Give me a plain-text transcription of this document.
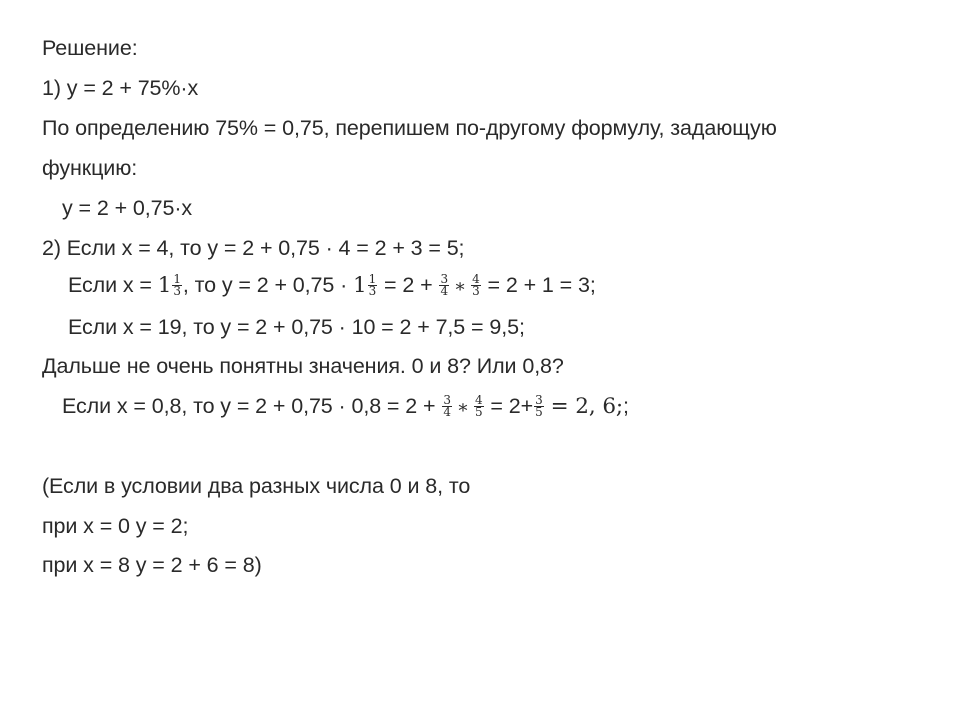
Решение:
1) y = 2 + 75%·x
По определению 75% = 0,75, перепишем по-другому формулу, задающую
функцию:
y = 2 + 0,75·x
2) Если x = 4, то y = 2 + 0,75 · 4 = 2 + 3 = 5;
Если $x = 1 \frac{1}{3}$ , то $y = 2 + 0,75 \cdot 1 \frac{1}{3} = 2 + \frac{3}{4}$ ∗ $\frac{4}{3} = 2 + 1 = 3$;
Если x = 19, то y = 2 + 0,75 · 10 = 2 + 7,5 = 9,5;
Дальше не очень понятны значения. 0 и 8? Или 0,8?
Если x = 0,8, то $y = 2 + 0,75 \cdot 0,8 = 2 + \frac{3}{4}$ ∗ $\frac{4}{5} = 2+ \frac{3}{5} = 2$, 6;;
(Если в условии два разных числа 0 и 8, то
при x = 0 y = 2;
при x = 8 y = 2 + 6 = 8)
